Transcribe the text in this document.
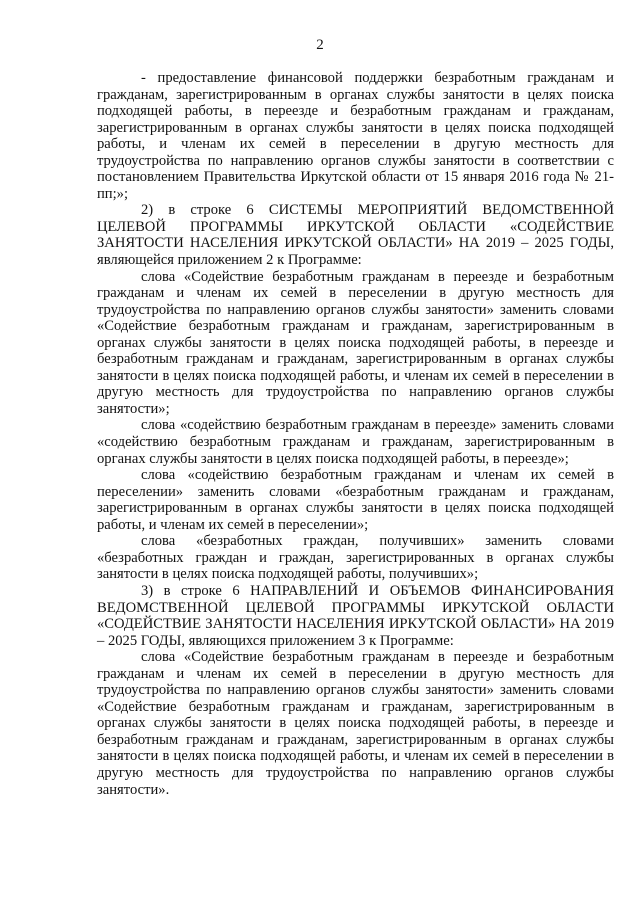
2

- предоставление финансовой поддержки безработным гражданам и гражданам, зарегистрированным в органах службы занятости в целях поиска подходящей работы, в переезде и безработным гражданам и гражданам, зарегистрированным в органах службы занятости в целях поиска подходящей работы, и членам их семей в переселении в другую местность для трудоустройства по направлению органов службы занятости в соответствии с постановлением Правительства Иркутской области от 15 января 2016 года № 21-пп;»;

2) в строке 6 СИСТЕМЫ МЕРОПРИЯТИЙ ВЕДОМСТВЕННОЙ ЦЕЛЕВОЙ ПРОГРАММЫ ИРКУТСКОЙ ОБЛАСТИ «СОДЕЙСТВИЕ ЗАНЯТОСТИ НАСЕЛЕНИЯ ИРКУТСКОЙ ОБЛАСТИ» НА 2019 – 2025 ГОДЫ, являющейся приложением 2 к Программе:

слова «Содействие безработным гражданам в переезде и безработным гражданам и членам их семей в переселении в другую местность для трудоустройства по направлению органов службы занятости» заменить словами «Содействие безработным гражданам и гражданам, зарегистрированным в органах службы занятости в целях поиска подходящей работы, в переезде и безработным гражданам и гражданам, зарегистрированным в органах службы занятости в целях поиска подходящей работы, и членам их семей в переселении в другую местность для трудоустройства по направлению органов службы занятости»;

слова «содействию безработным гражданам в переезде» заменить словами «содействию безработным гражданам и гражданам, зарегистрированным в органах службы занятости в целях поиска подходящей работы, в переезде»;

слова «содействию безработным гражданам и членам их семей в переселении» заменить словами «безработным гражданам и гражданам, зарегистрированным в органах службы занятости в целях поиска подходящей работы, и членам их семей в переселении»;

слова «безработных граждан, получивших» заменить словами «безработных граждан и граждан, зарегистрированных в органах службы занятости в целях поиска подходящей работы, получивших»;

3) в строке 6 НАПРАВЛЕНИЙ И ОБЪЕМОВ ФИНАНСИРОВАНИЯ ВЕДОМСТВЕННОЙ ЦЕЛЕВОЙ ПРОГРАММЫ ИРКУТСКОЙ ОБЛАСТИ «СОДЕЙСТВИЕ ЗАНЯТОСТИ НАСЕЛЕНИЯ ИРКУТСКОЙ ОБЛАСТИ» НА 2019 – 2025 ГОДЫ, являющихся приложением 3 к Программе:

слова «Содействие безработным гражданам в переезде и безработным гражданам и членам их семей в переселении в другую местность для трудоустройства по направлению органов службы занятости» заменить словами «Содействие безработным гражданам и гражданам, зарегистрированным в органах службы занятости в целях поиска подходящей работы, в переезде и безработным гражданам и гражданам, зарегистрированным в органах службы занятости в целях поиска подходящей работы, и членам их семей в переселении в другую местность для трудоустройства по направлению органов службы занятости».
